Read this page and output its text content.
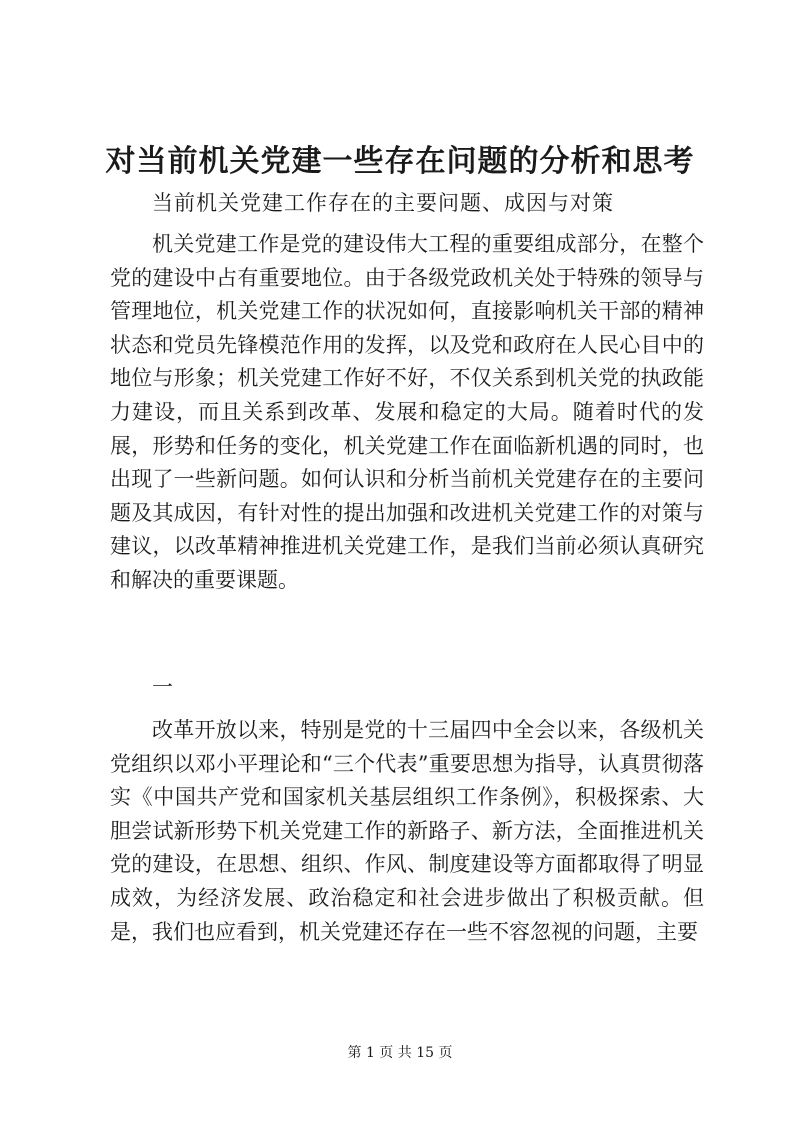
对当前机关党建一些存在问题的分析和思考

当前机关党建工作存在的主要问题、成因与对策

机关党建工作是党的建设伟大工程的重要组成部分，在整个党的建设中占有重要地位。由于各级党政机关处于特殊的领导与管理地位，机关党建工作的状况如何，直接影响机关干部的精神状态和党员先锋模范作用的发挥，以及党和政府在人民心目中的地位与形象；机关党建工作好不好，不仅关系到机关党的执政能力建设，而且关系到改革、发展和稳定的大局。随着时代的发展，形势和任务的变化，机关党建工作在面临新机遇的同时，也出现了一些新问题。如何认识和分析当前机关党建存在的主要问题及其成因，有针对性的提出加强和改进机关党建工作的对策与建议，以改革精神推进机关党建工作，是我们当前必须认真研究和解决的重要课题。

一

改革开放以来，特别是党的十三届四中全会以来，各级机关党组织以邓小平理论和“三个代表”重要思想为指导，认真贯彻落实《中国共产党和国家机关基层组织工作条例》，积极探索、大胆尝试新形势下机关党建工作的新路子、新方法，全面推进机关党的建设，在思想、组织、作风、制度建设等方面都取得了明显成效，为经济发展、政治稳定和社会进步做出了积极贡献。但是，我们也应看到，机关党建还存在一些不容忽视的问题，主要

第 1 页 共 15 页
